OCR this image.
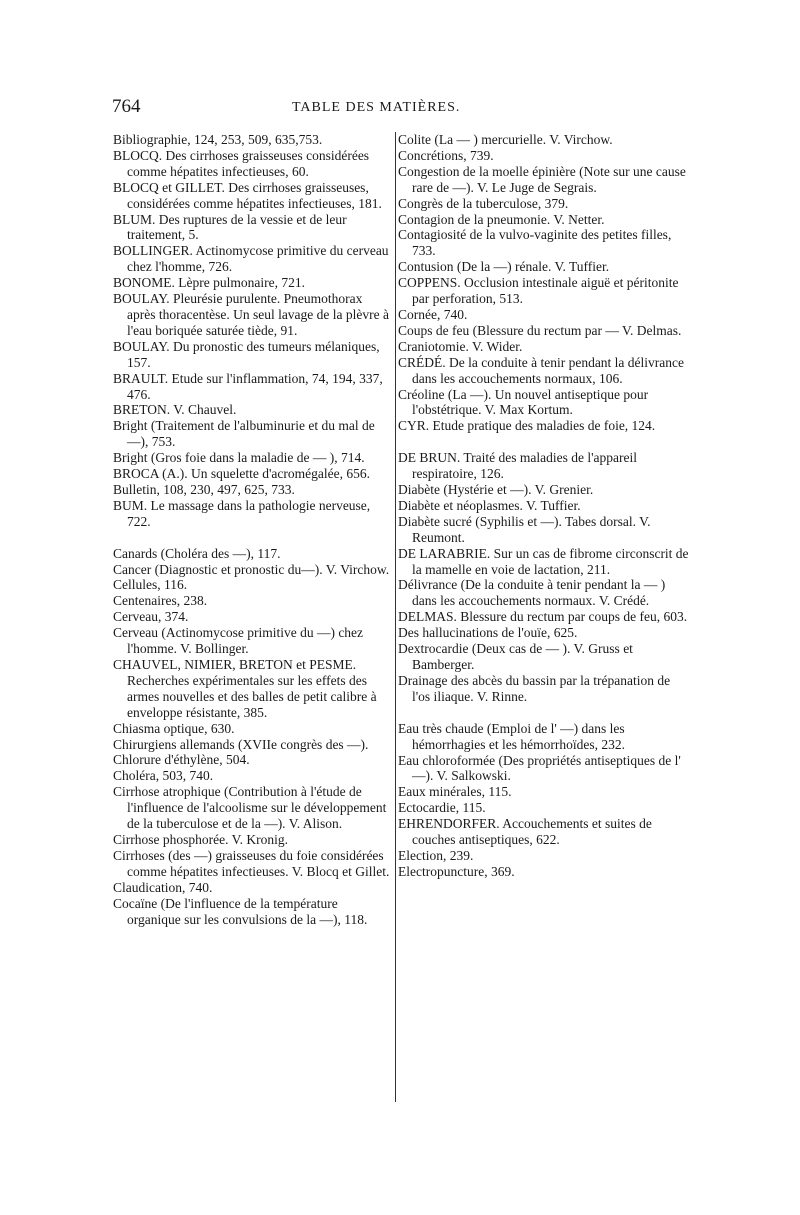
764	TABLE DES MATIÈRES.
Bibliographie, 124, 253, 509, 635,753.
BLOCQ. Des cirrhoses graisseuses considérées comme hépatites infectieuses, 60.
BLOCQ et GILLET. Des cirrhoses graisseuses, considérées comme hépatites infectieuses, 181.
BLUM. Des ruptures de la vessie et de leur traitement, 5.
BOLLINGER. Actinomycose primitive du cerveau chez l'homme, 726.
BONOME. Lèpre pulmonaire, 721.
BOULAY. Pleurésie purulente. Pneumothorax après thoracentèse. Un seul lavage de la plèvre à l'eau boriquée saturée tiède, 91.
BOULAY. Du pronostic des tumeurs mélaniques, 157.
BRAULT. Etude sur l'inflammation, 74, 194, 337, 476.
BRETON. V. Chauvel.
Bright (Traitement de l'albuminurie et du mal de —), 753.
Bright (Gros foie dans la maladie de — ), 714.
BROCA (A.). Un squelette d'acromégalée, 656.
Bulletin, 108, 230, 497, 625, 733.
BUM. Le massage dans la pathologie nerveuse, 722.
Canards (Choléra des —), 117.
Cancer (Diagnostic et pronostic du—). V. Virchow.
Cellules, 116.
Centenaires, 238.
Cerveau, 374.
Cerveau (Actinomycose primitive du —) chez l'homme. V. Bollinger.
CHAUVEL, NIMIER, BRETON et PESME. Recherches expérimentales sur les effets des armes nouvelles et des balles de petit calibre à enveloppe résistante, 385.
Chiasma optique, 630.
Chirurgiens allemands (XVIIe congrès des —).
Chlorure d'éthylène, 504.
Choléra, 503, 740.
Cirrhose atrophique (Contribution à l'étude de l'influence de l'alcoolisme sur le développement de la tuberculose et de la —). V. Alison.
Cirrhose phosphorée. V. Kronig.
Cirrhoses (des —) graisseuses du foie considérées comme hépatites infectieuses. V. Blocq et Gillet.
Claudication, 740.
Cocaïne (De l'influence de la température organique sur les convulsions de la —), 118.
Colite (La — ) mercurielle. V. Virchow.
Concrétions, 739.
Congestion de la moelle épinière (Note sur une cause rare de —). V. Le Juge de Segrais.
Congrès de la tuberculose, 379.
Contagion de la pneumonie. V. Netter.
Contagiosité de la vulvo-vaginite des petites filles, 733.
Contusion (De la —) rénale. V. Tuffier.
COPPENS. Occlusion intestinale aiguë et péritonite par perforation, 513.
Cornée, 740.
Coups de feu (Blessure du rectum par — V. Delmas.
Craniotomie. V. Wider.
CRÉDÉ. De la conduite à tenir pendant la délivrance dans les accouchements normaux, 106.
Créoline (La —). Un nouvel antiseptique pour l'obstétrique. V. Max Kortum.
CYR. Etude pratique des maladies de foie, 124.
DE BRUN. Traité des maladies de l'appareil respiratoire, 126.
Diabète (Hystérie et —). V. Grenier.
Diabète et néoplasmes. V. Tuffier.
Diabète sucré (Syphilis et —). Tabes dorsal. V. Reumont.
DE LARABRIE. Sur un cas de fibrome circonscrit de la mamelle en voie de lactation, 211.
Délivrance (De la conduite à tenir pendant la — ) dans les accouchements normaux. V. Crédé.
DELMAS. Blessure du rectum par coups de feu, 603.
Des hallucinations de l'ouïe, 625.
Dextrocardie (Deux cas de — ). V. Gruss et Bamberger.
Drainage des abcès du bassin par la trépanation de l'os iliaque. V. Rinne.
Eau très chaude (Emploi de l' —) dans les hémorrhagies et les hémorrhoïdes, 232.
Eau chloroformée (Des propriétés antiseptiques de l' —). V. Salkowski.
Eaux minérales, 115.
Ectocardie, 115.
EHRENDORFER. Accouchements et suites de couches antiseptiques, 622.
Election, 239.
Electropuncture, 369.
